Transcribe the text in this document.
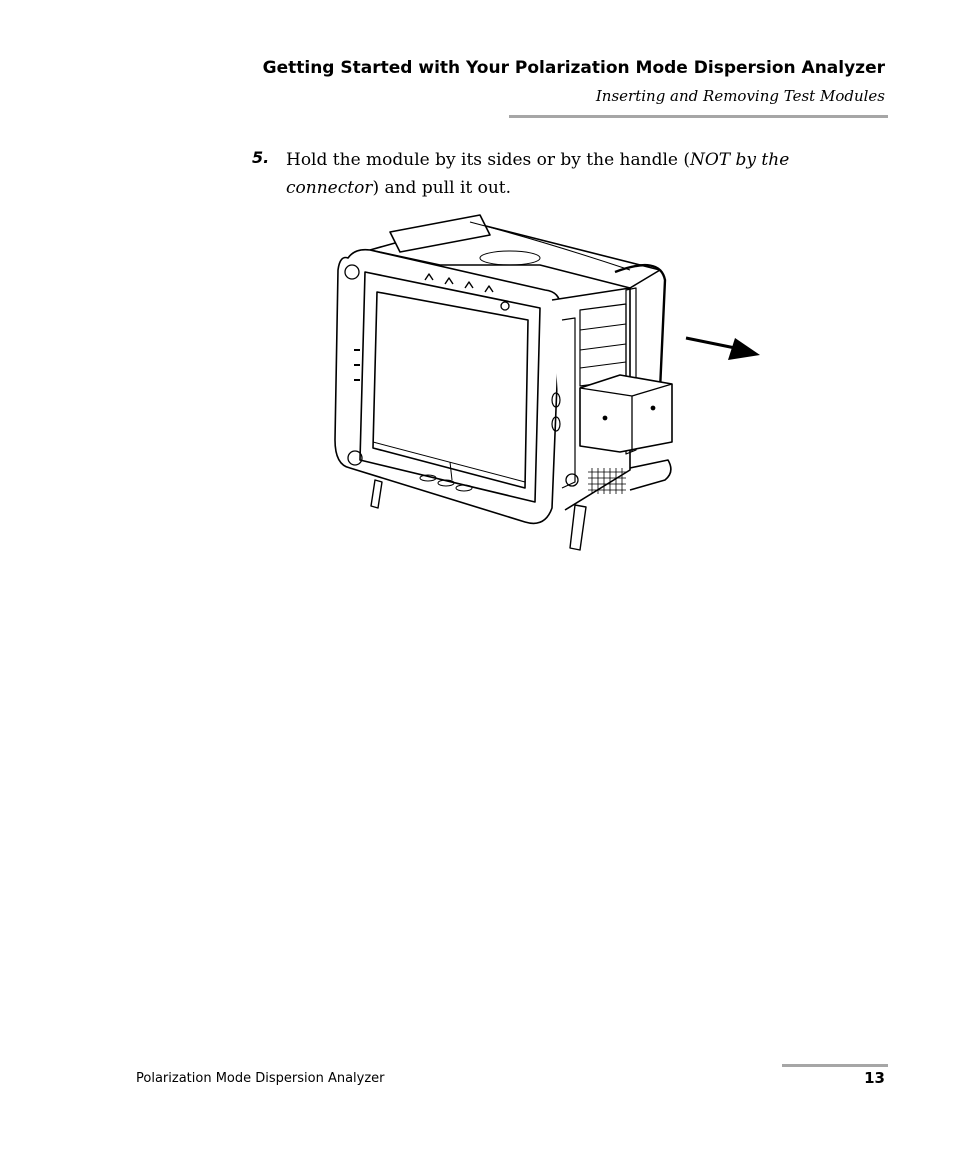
Getting Started with Your Polarization Mode Dispersion Analyzer
Inserting and Removing Test Modules
5. Hold the module by its sides or by the handle (NOT by the connector) and pull it out.
Polarization Mode Dispersion Analyzer	13
